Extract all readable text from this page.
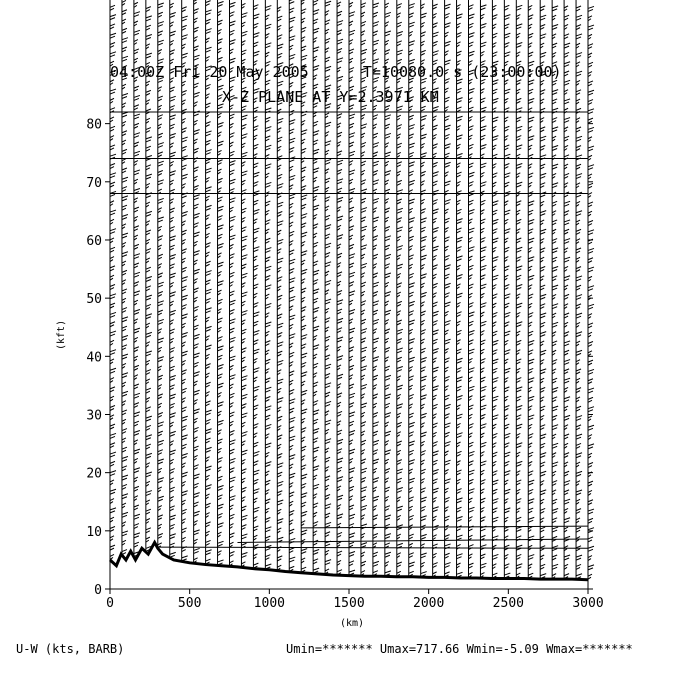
04:00Z Fri 20 May 2005      T=10080.0 s (23:00:00)
X-Z PLANE AT Y=2.3971 KM
0	500	1000	1500	2000	2500	3000
0
10
20
30
40
50
60
70
80
(km)
(kft)
U-W (kts, BARB)	Umin=******* Umax=717.66 Wmin=-5.09 Wmax=*******
